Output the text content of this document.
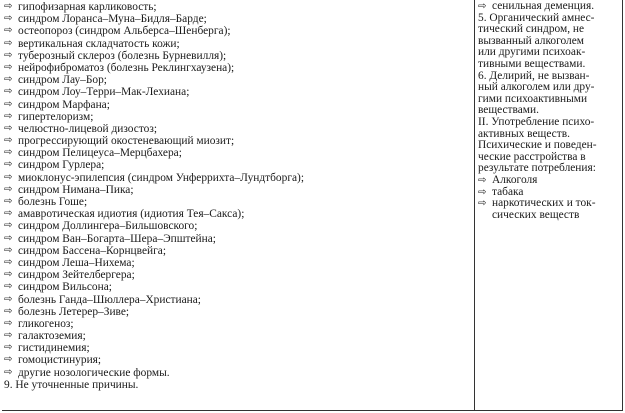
⇨ гипофизарная карликовость;
⇨ синдром Лоранса–Муна–Бидля–Барде;
⇨ остеопороз (синдром Альберса–Шенберга);
⇨ вертикальная складчатость кожи;
⇨ туберозный склероз (болезнь Бурневилля);
⇨ нейрофиброматоз (болезнь Реклингхаузена);
⇨ синдром Лау–Бор;
⇨ синдром Лоу–Терри–Мак-Лехиана;
⇨ синдром Марфана;
⇨ гипертелоризм;
⇨ челюстно-лицевой дизостоз;
⇨ прогрессирующий окостеневающий миозит;
⇨ синдром Пелицеуса–Мерцбахера;
⇨ синдром Гурлера;
⇨ миоклонус-эпилепсия (синдром Унферрихта–Лундтборга);
⇨ синдром Нимана–Пика;
⇨ болезнь Гоше;
⇨ амавротическая идиотия (идиотия Тея–Сакса);
⇨ синдром Доллингера–Бильшовского;
⇨ синдром Ван–Богарта–Шера–Эпштейна;
⇨ синдром Бассена–Корнцвейга;
⇨ синдром Леша–Нихема;
⇨ синдром Зейтелбергера;
⇨ синдром Вильсона;
⇨ болезнь Ганда–Шюллера–Христиана;
⇨ болезнь Летерер–Зиве;
⇨ гликогеноз;
⇨ галактоземия;
⇨ гистидинемия;
⇨ гомоцистинурия;
⇨ другие нозологические формы.
9. Не уточненные причины.
⇨ сенильная деменция.
5. Органический амнес-
тический синдром, не
вызванный алкоголем
или другими психоак-
тивными веществами.
6. Делирий, не вызван-
ный алкоголем или дру-
гими психоактивными
веществами.
II. Употребление психо-
активных веществ.
Психические и поведен-
ческие расстройства в
результате потребления:
⇨ Алкоголя
⇨ табака
⇨ наркотических и ток-
сических веществ
